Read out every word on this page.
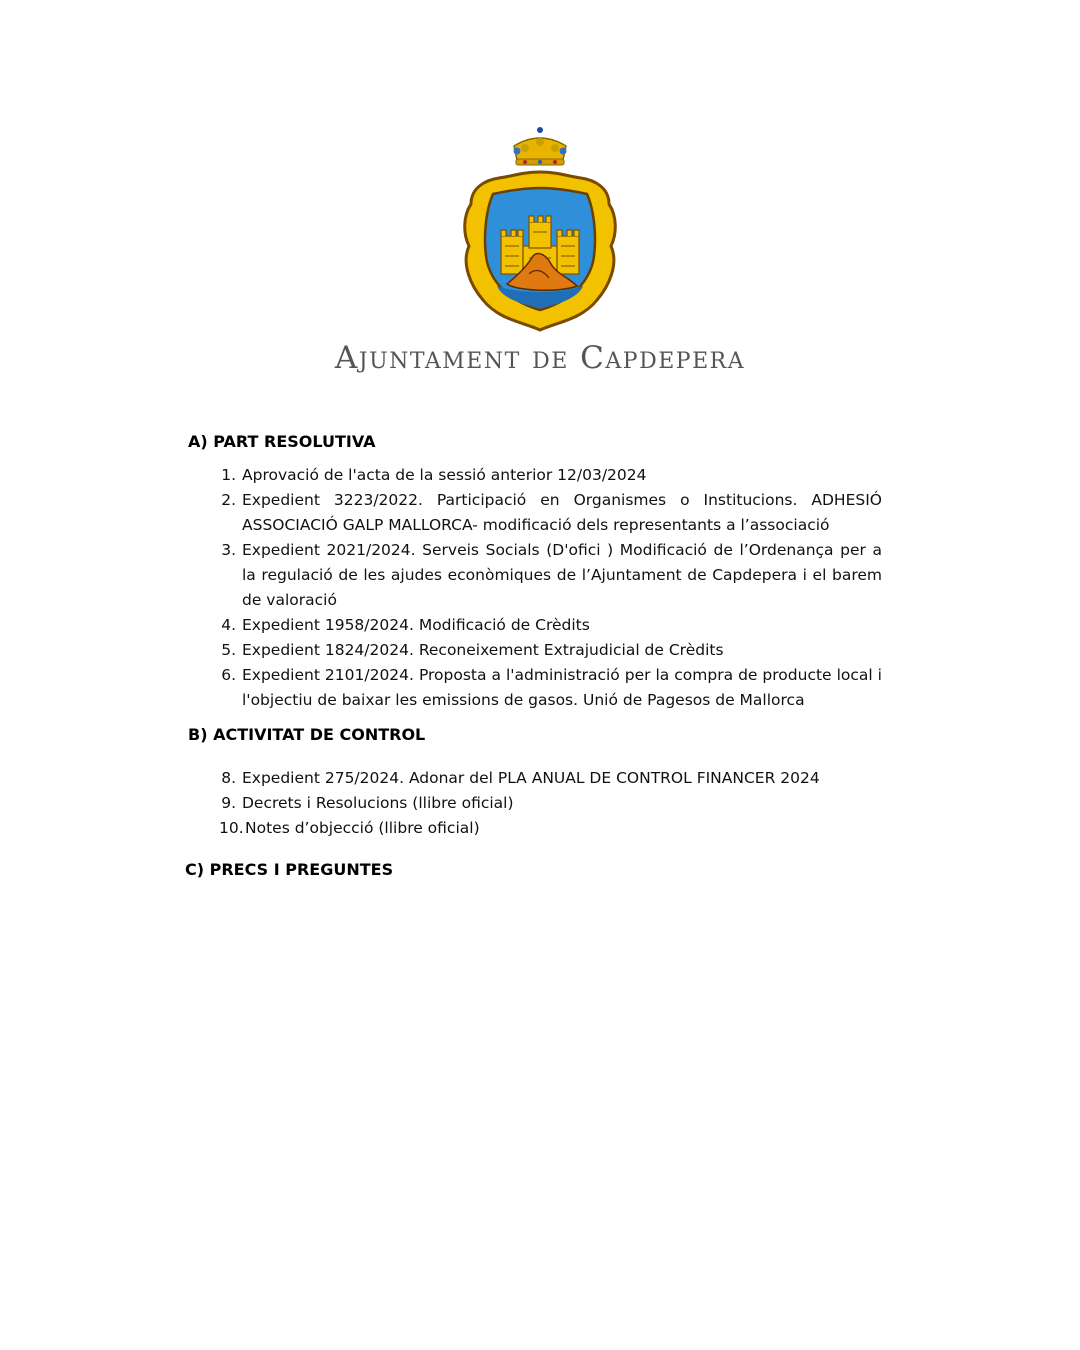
Ajuntament de Capdepera
A) PART RESOLUTIVA
1. Aprovació de l'acta de la sessió anterior 12/03/2024
2. Expedient 3223/2022. Participació en Organismes o Institucions. ADHESIÓ ASSOCIACIÓ GALP MALLORCA- modificació dels representants a l’associació
3. Expedient 2021/2024. Serveis Socials (D'ofici ) Modificació de l’Ordenança per a la regulació de les ajudes econòmiques de l’Ajuntament de Capdepera i el barem de valoració
4. Expedient 1958/2024. Modificació de Crèdits
5. Expedient 1824/2024. Reconeixement Extrajudicial de Crèdits
6. Expedient 2101/2024. Proposta a l'administració per la compra de producte local i l'objectiu de baixar les emissions de gasos. Unió de Pagesos de Mallorca
B) ACTIVITAT DE CONTROL
8. Expedient 275/2024. Adonar del PLA ANUAL DE CONTROL FINANCER 2024
9. Decrets i Resolucions (llibre oficial)
10. Notes d’objecció (llibre oficial)
C) PRECS I PREGUNTES
